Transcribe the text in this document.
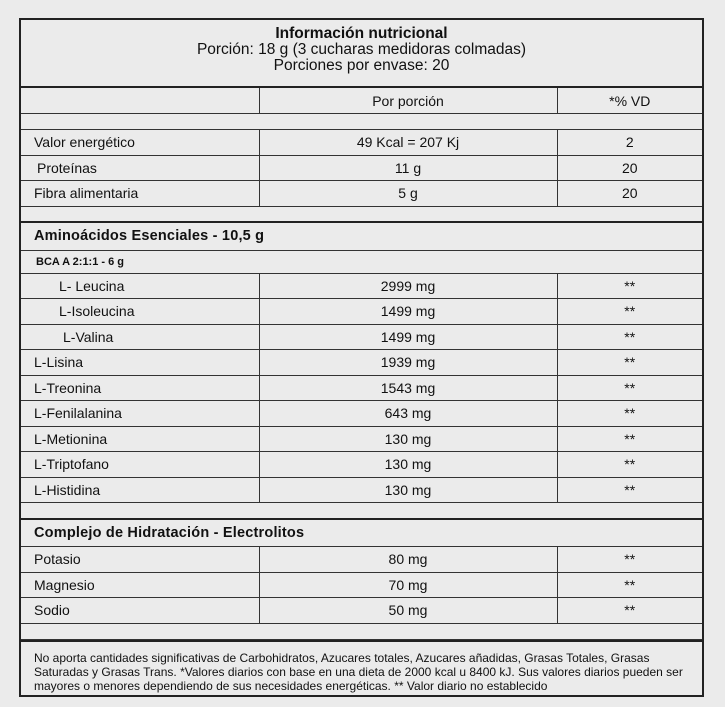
Información nutricional
Porción: 18 g (3 cucharas medidoras colmadas)
Porciones por envase: 20
	Por porción	*% VD

Valor energético	49 Kcal = 207 Kj	2
Proteínas	11 g	20
Fibra alimentaria	5 g	20

Aminoácidos Esenciales - 10,5 g		
BCA A 2:1:1 - 6 g		
L- Leucina	2999 mg	**
L-Isoleucina	1499 mg	**
L-Valina	1499 mg	**
L-Lisina	1939 mg	**
L-Treonina	1543 mg	**
L-Fenilalanina	643 mg	**
L-Metionina	130 mg	**
L-Triptofano	130 mg	**
L-Histidina	130 mg	**

Complejo de Hidratación - Electrolitos		
Potasio	80 mg	**
Magnesio	70 mg	**
Sodio	50 mg	**

No aporta cantidades significativas de Carbohidratos, Azucares totales, Azucares añadidas, Grasas Totales, Grasas Saturadas y Grasas Trans. *Valores diarios con base en una dieta de 2000 kcal u 8400 kJ. Sus valores diarios pueden ser mayores o menores dependiendo de sus necesidades energéticas. ** Valor diario no establecido
